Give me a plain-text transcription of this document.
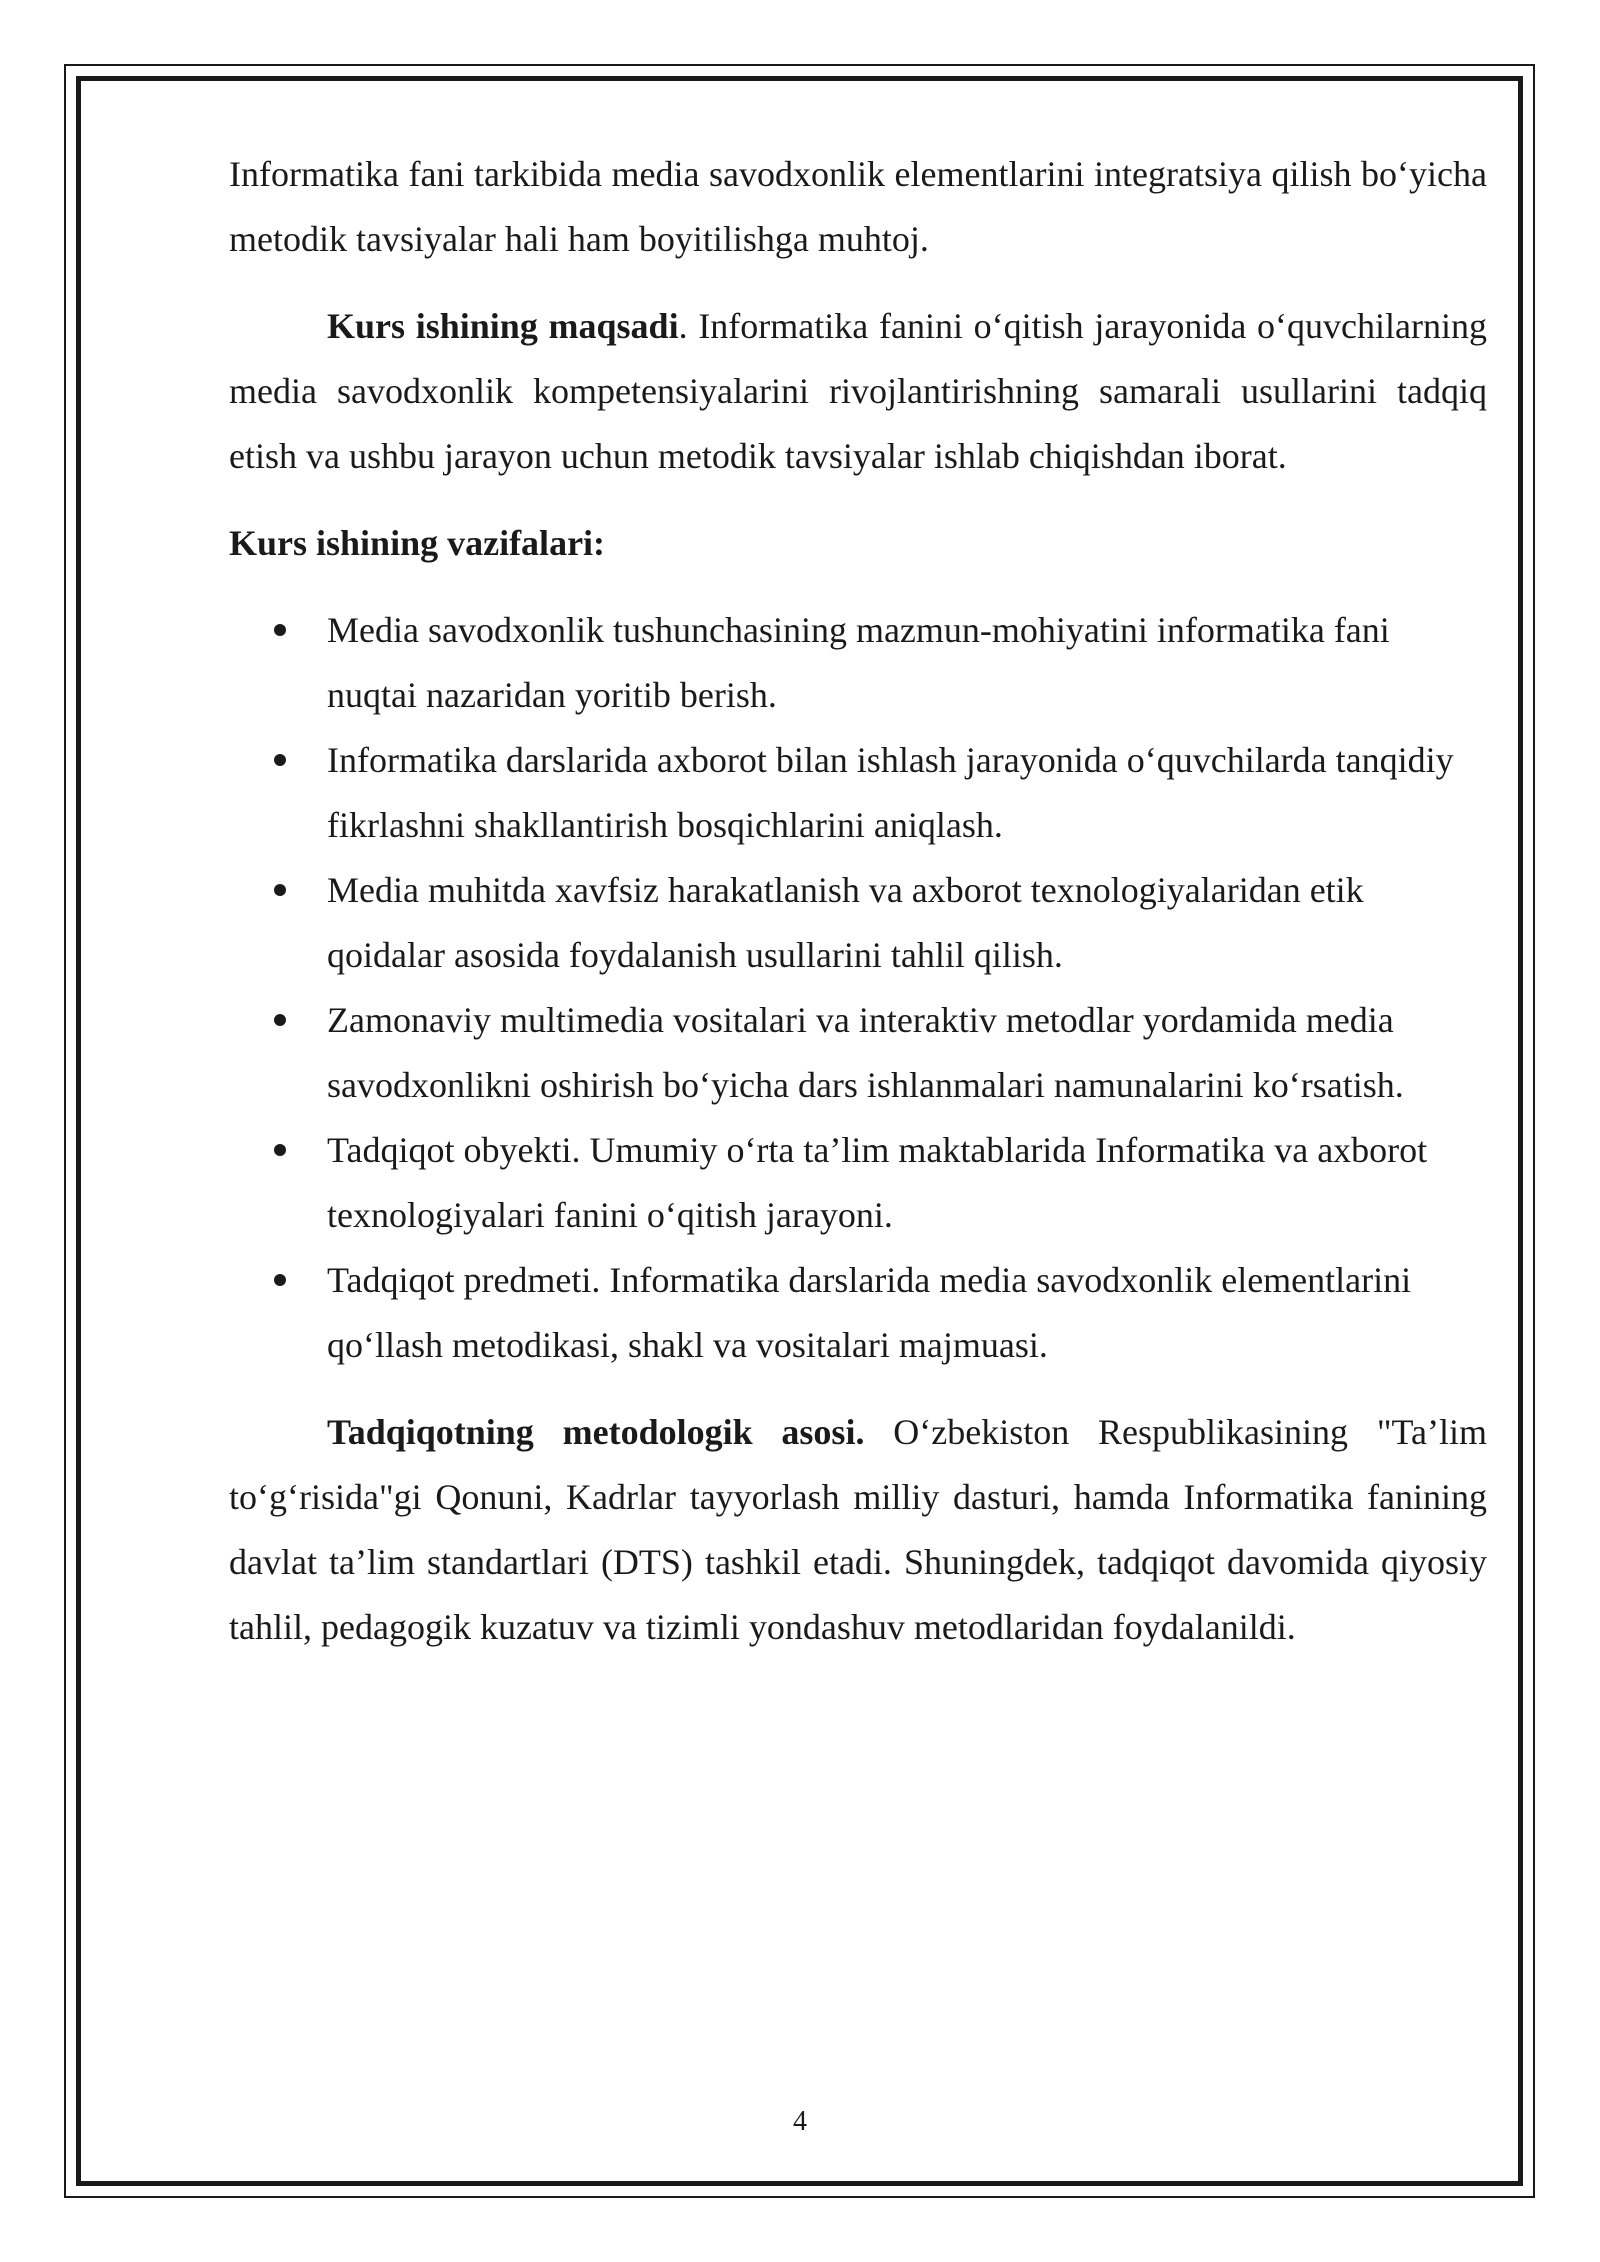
Informatika fani tarkibida media savodxonlik elementlarini integratsiya qilish bo‘yicha metodik tavsiyalar hali ham boyitilishga muhtoj.

Kurs ishining maqsadi. Informatika fanini o‘qitish jarayonida o‘quvchilarning media savodxonlik kompetensiyalarini rivojlantirishning samarali usullarini tadqiq etish va ushbu jarayon uchun metodik tavsiyalar ishlab chiqishdan iborat.

Kurs ishining vazifalari:

Media savodxonlik tushunchasining mazmun-mohiyatini informatika fani nuqtai nazaridan yoritib berish.
Informatika darslarida axborot bilan ishlash jarayonida o‘quvchilarda tanqidiy fikrlashni shakllantirish bosqichlarini aniqlash.
Media muhitda xavfsiz harakatlanish va axborot texnologiyalaridan etik qoidalar asosida foydalanish usullarini tahlil qilish.
Zamonaviy multimedia vositalari va interaktiv metodlar yordamida media savodxonlikni oshirish bo‘yicha dars ishlanmalari namunalarini ko‘rsatish.
Tadqiqot obyekti. Umumiy o‘rta ta’lim maktablarida Informatika va axborot texnologiyalari fanini o‘qitish jarayoni.
Tadqiqot predmeti. Informatika darslarida media savodxonlik elementlarini qo‘llash metodikasi, shakl va vositalari majmuasi.

Tadqiqotning metodologik asosi. O‘zbekiston Respublikasining "Ta’lim to‘g‘risida"gi Qonuni, Kadrlar tayyorlash milliy dasturi, hamda Informatika fanining davlat ta’lim standartlari (DTS) tashkil etadi. Shuningdek, tadqiqot davomida qiyosiy tahlil, pedagogik kuzatuv va tizimli yondashuv metodlaridan foydalanildi.

4
